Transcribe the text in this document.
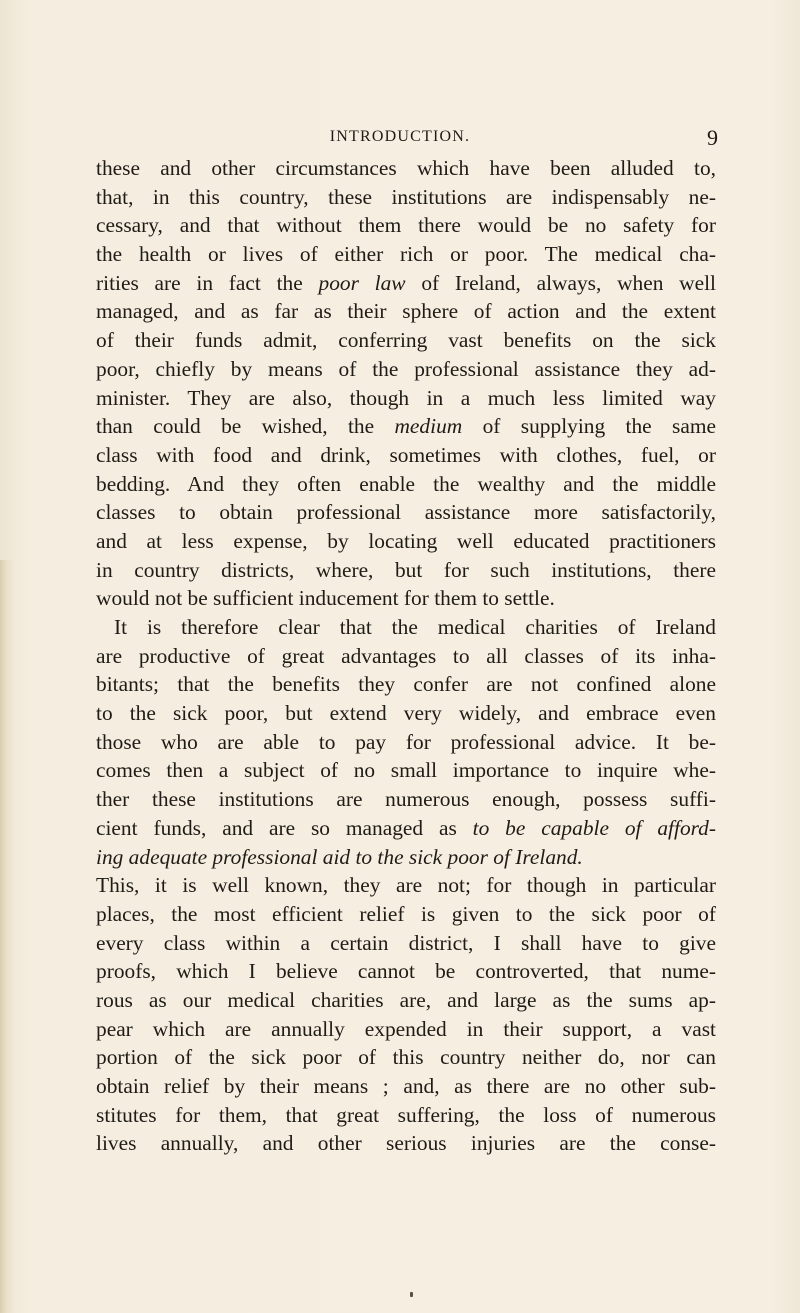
INTRODUCTION.	9
these and other circumstances which have been alluded to,
that, in this country, these institutions are indispensably ne-
cessary, and that without them there would be no safety for
the health or lives of either rich or poor. The medical cha-
rities are in fact the poor law of Ireland, always, when well
managed, and as far as their sphere of action and the extent
of their funds admit, conferring vast benefits on the sick
poor, chiefly by means of the professional assistance they ad-
minister. They are also, though in a much less limited way
than could be wished, the medium of supplying the same
class with food and drink, sometimes with clothes, fuel, or
bedding. And they often enable the wealthy and the middle
classes to obtain professional assistance more satisfactorily,
and at less expense, by locating well educated practitioners
in country districts, where, but for such institutions, there
would not be sufficient inducement for them to settle.
It is therefore clear that the medical charities of Ireland
are productive of great advantages to all classes of its inha-
bitants; that the benefits they confer are not confined alone
to the sick poor, but extend very widely, and embrace even
those who are able to pay for professional advice. It be-
comes then a subject of no small importance to inquire whe-
ther these institutions are numerous enough, possess suffi-
cient funds, and are so managed as to be capable of afford-
ing adequate professional aid to the sick poor of Ireland.
This, it is well known, they are not; for though in particular
places, the most efficient relief is given to the sick poor of
every class within a certain district, I shall have to give
proofs, which I believe cannot be controverted, that nume-
rous as our medical charities are, and large as the sums ap-
pear which are annually expended in their support, a vast
portion of the sick poor of this country neither do, nor can
obtain relief by their means ; and, as there are no other sub-
stitutes for them, that great suffering, the loss of numerous
lives annually, and other serious injuries are the conse-
